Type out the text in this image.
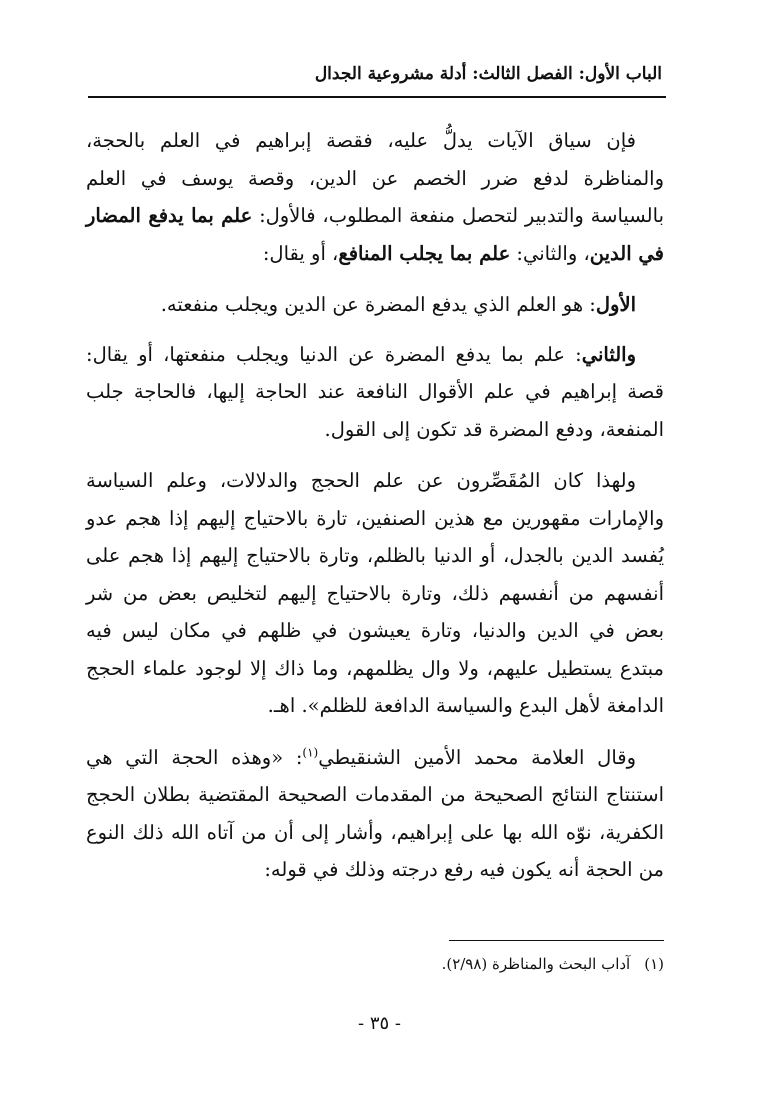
الباب الأول: الفصل الثالث: أدلة مشروعية الجدال

فإن سياق الآيات يدلُّ عليه، فقصة إبراهيم في العلم بالحجة، والمناظرة لدفع ضرر الخصم عن الدين، وقصة يوسف في العلم بالسياسة والتدبير لتحصل منفعة المطلوب، فالأول: علم بما يدفع المضار في الدين، والثاني: علم بما يجلب المنافع، أو يقال:

الأول: هو العلم الذي يدفع المضرة عن الدين ويجلب منفعته.

والثاني: علم بما يدفع المضرة عن الدنيا ويجلب منفعتها، أو يقال: قصة إبراهيم في علم الأقوال النافعة عند الحاجة إليها، فالحاجة جلب المنفعة، ودفع المضرة قد تكون إلى القول.

ولهذا كان المُقَصِّرون عن علم الحجج والدلالات، وعلم السياسة والإمارات مقهورين مع هذين الصنفين، تارة بالاحتياج إليهم إذا هجم عدو يُفسد الدين بالجدل، أو الدنيا بالظلم، وتارة بالاحتياج إليهم إذا هجم على أنفسهم من أنفسهم ذلك، وتارة بالاحتياج إليهم لتخليص بعض من شر بعض في الدين والدنيا، وتارة يعيشون في ظلهم في مكان ليس فيه مبتدع يستطيل عليهم، ولا وال يظلمهم، وما ذاك إلا لوجود علماء الحجج الدامغة لأهل البدع والسياسة الدافعة للظلم». اهـ.

وقال العلامة محمد الأمين الشنقيطي$^{(١)}$: «وهذه الحجة التي هي استنتاج النتائج الصحيحة من المقدمات الصحيحة المقتضية بطلان الحجج الكفرية، نوّه الله بها على إبراهيم، وأشار إلى أن من آتاه الله ذلك النوع من الحجة أنه يكون فيه رفع درجته وذلك في قوله:

(١)آداب البحث والمناظرة (٢/٩٨).
- ٣٥ -
